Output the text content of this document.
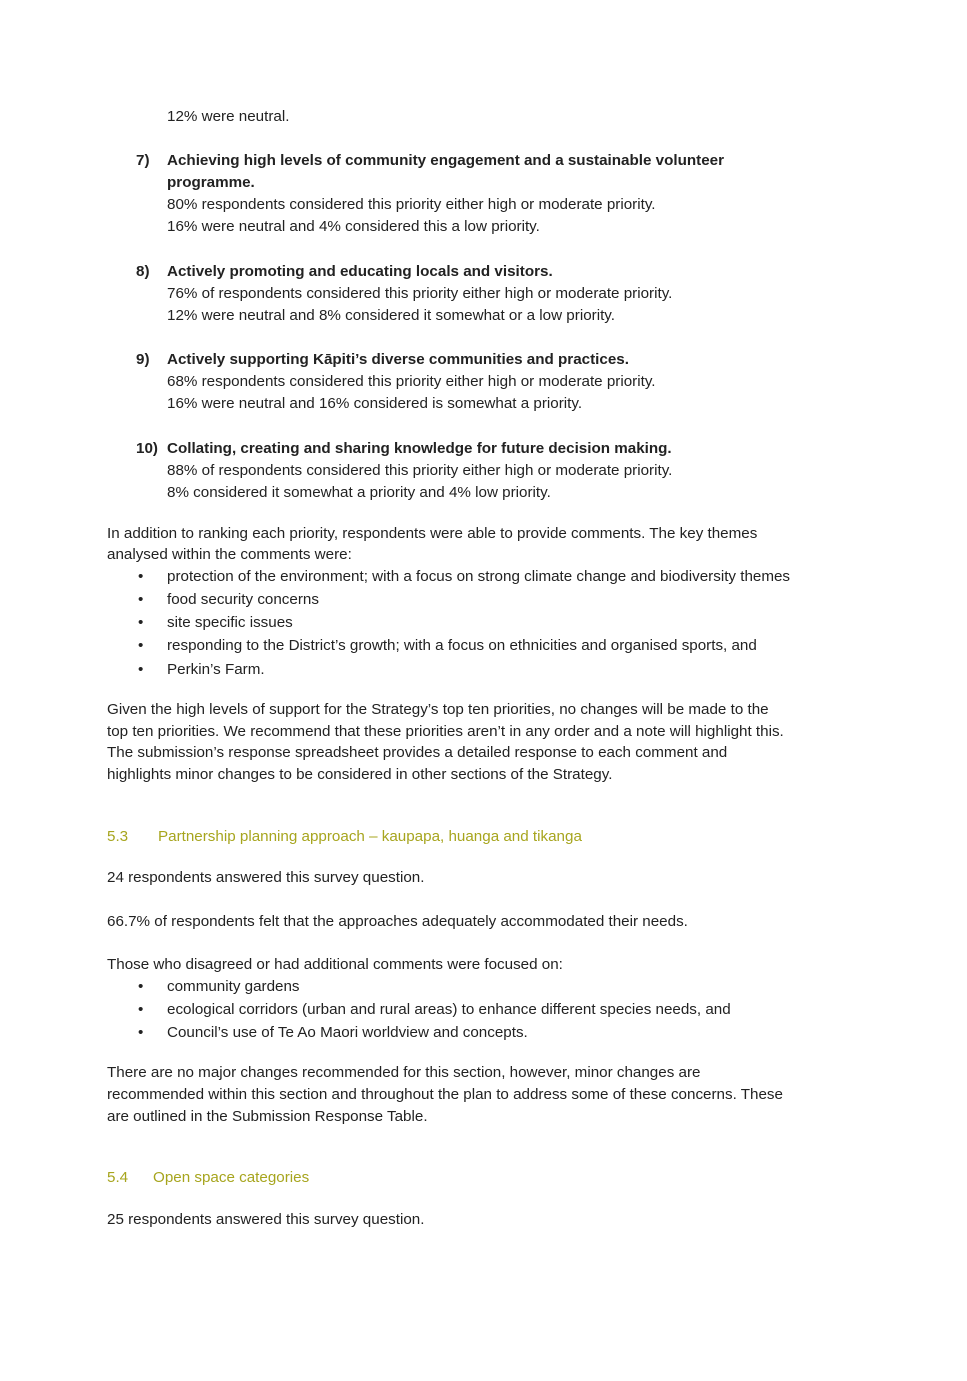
12% were neutral.
7) Achieving high levels of community engagement and a sustainable volunteer
programme.
80% respondents considered this priority either high or moderate priority.
16% were neutral and 4% considered this a low priority.
8) Actively promoting and educating locals and visitors.
76% of respondents considered this priority either high or moderate priority.
12% were neutral and 8% considered it somewhat or a low priority.
9) Actively supporting Kāpiti’s diverse communities and practices.
68% respondents considered this priority either high or moderate priority.
16% were neutral and 16% considered is somewhat a priority.
10) Collating, creating and sharing knowledge for future decision making.
88% of respondents considered this priority either high or moderate priority.
8% considered it somewhat a priority and 4% low priority.
In addition to ranking each priority, respondents were able to provide comments. The key themes
analysed within the comments were:
• protection of the environment; with a focus on strong climate change and biodiversity themes
• food security concerns
• site specific issues
• responding to the District’s growth; with a focus on ethnicities and organised sports, and
• Perkin’s Farm.
Given the high levels of support for the Strategy’s top ten priorities, no changes will be made to the
top ten priorities. We recommend that these priorities aren’t in any order and a note will highlight this.
The submission’s response spreadsheet provides a detailed response to each comment and
highlights minor changes to be considered in other sections of the Strategy.
5.3 Partnership planning approach – kaupapa, huanga and tikanga
24 respondents answered this survey question.
66.7% of respondents felt that the approaches adequately accommodated their needs.
Those who disagreed or had additional comments were focused on:
• community gardens
• ecological corridors (urban and rural areas) to enhance different species needs, and
• Council’s use of Te Ao Maori worldview and concepts.
There are no major changes recommended for this section, however, minor changes are
recommended within this section and throughout the plan to address some of these concerns. These
are outlined in the Submission Response Table.
5.4 Open space categories
25 respondents answered this survey question.
